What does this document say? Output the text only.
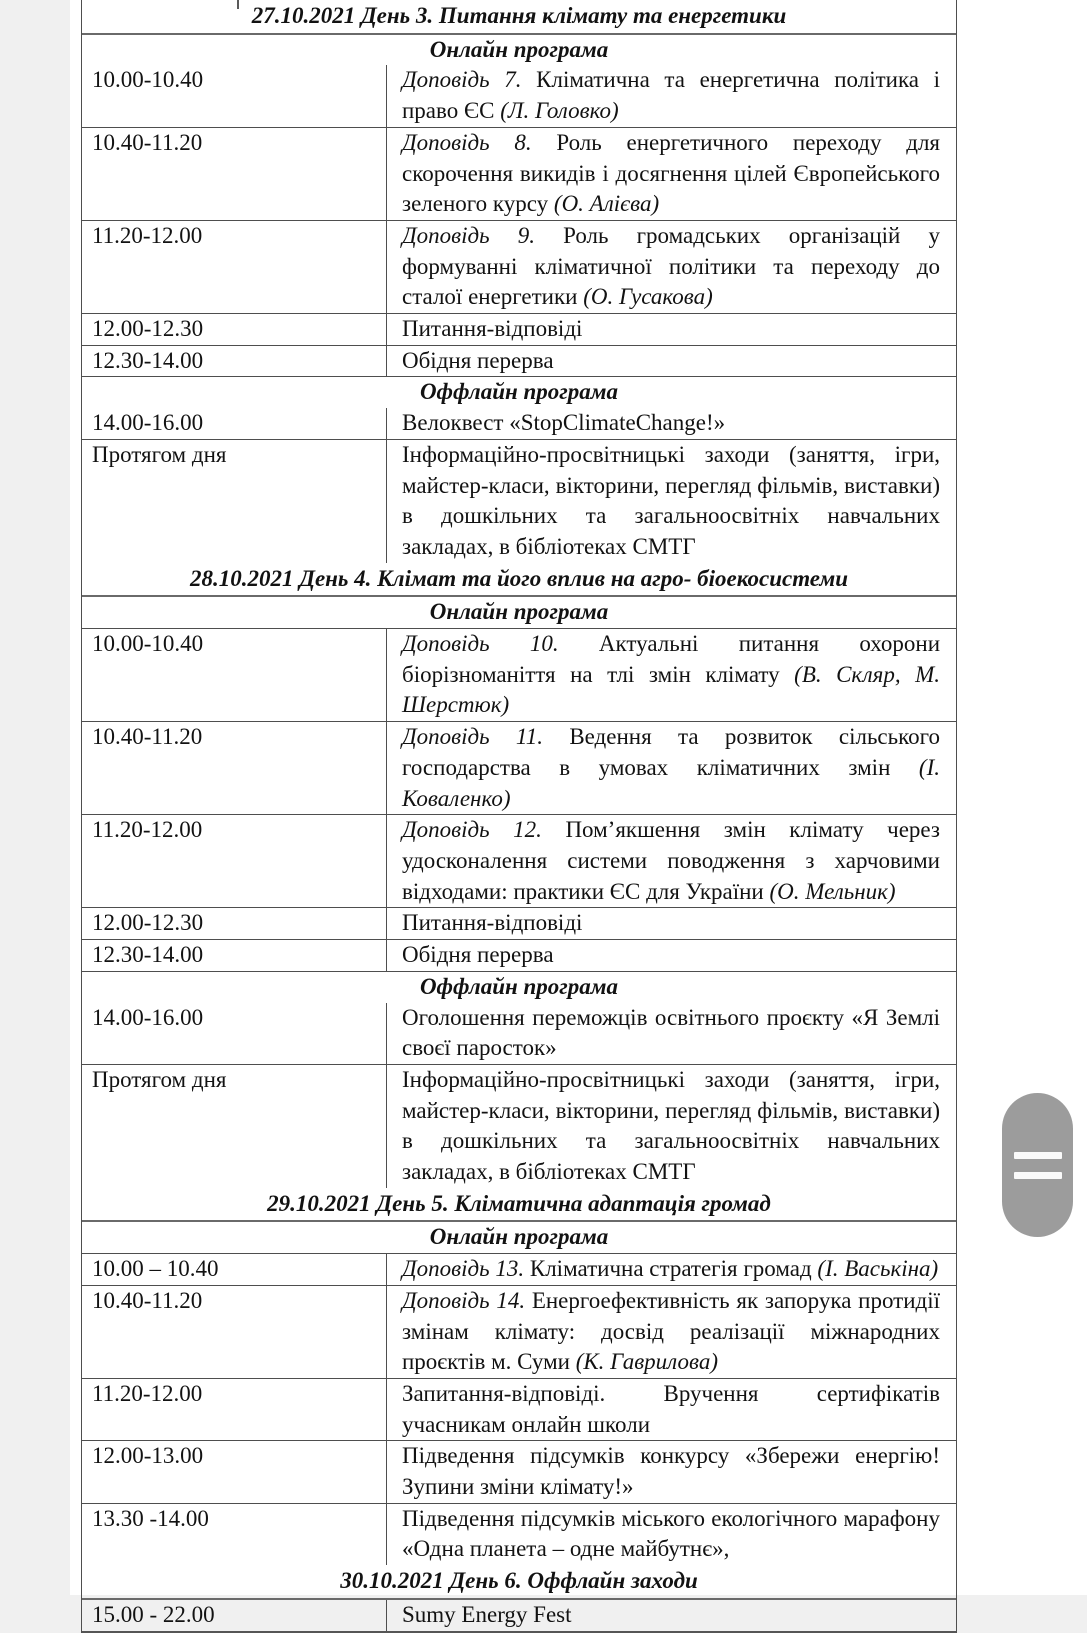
27.10.2021 День 3. Питання клімату та енергетики
Онлайн програма
10.00-10.40	Доповідь 7. Кліматична та енергетична політика і право ЄС (Л. Головко)
10.40-11.20	Доповідь 8. Роль енергетичного переходу для скорочення викидів і досягнення цілей Європейського зеленого курсу (О. Алієва)
11.20-12.00	Доповідь 9. Роль громадських організацій у формуванні кліматичної політики та переходу до сталої енергетики (О. Гусакова)
12.00-12.30	Питання-відповіді
12.30-14.00	Обідня перерва
Оффлайн програма
14.00-16.00	Велоквест «StopClimateChange!»
Протягом дня	Інформаційно-просвітницькі заходи (заняття, ігри, майстер-класи, вікторини, перегляд фільмів, виставки) в дошкільних та загальноосвітніх навчальних закладах, в бібліотеках СМТГ
28.10.2021 День 4. Клімат та його вплив на агро- біоекосистеми
Онлайн програма
10.00-10.40	Доповідь 10. Актуальні питання охорони біорізноманіття на тлі змін клімату (В. Скляр, М. Шерстюк)
10.40-11.20	Доповідь 11. Ведення та розвиток сільського господарства в умовах кліматичних змін (І. Коваленко)
11.20-12.00	Доповідь 12. Пом’якшення змін клімату через удосконалення системи поводження з харчовими відходами: практики ЄС для України (О. Мельник)
12.00-12.30	Питання-відповіді
12.30-14.00	Обідня перерва
Оффлайн програма
14.00-16.00	Оголошення переможців освітнього проєкту «Я Землі своєї паросток»
Протягом дня	Інформаційно-просвітницькі заходи (заняття, ігри, майстер-класи, вікторини, перегляд фільмів, виставки) в дошкільних та загальноосвітніх навчальних закладах, в бібліотеках СМТГ
29.10.2021 День 5. Кліматична адаптація громад
Онлайн програма
10.00 – 10.40	Доповідь 13. Кліматична стратегія громад (І. Васькіна)
10.40-11.20	Доповідь 14. Енергоефективність як запорука протидії змінам клімату: досвід реалізації міжнародних проєктів м. Суми (К. Гаврилова)
11.20-12.00	Запитання-відповіді. Вручення сертифікатів учасникам онлайн школи
12.00-13.00	Підведення підсумків конкурсу «Збережи енергію! Зупини зміни клімату!»
13.30 -14.00	Підведення підсумків міського екологічного марафону «Одна планета – одне майбутнє»,
30.10.2021 День 6. Оффлайн заходи
15.00 - 22.00	Sumy Energy Fest
